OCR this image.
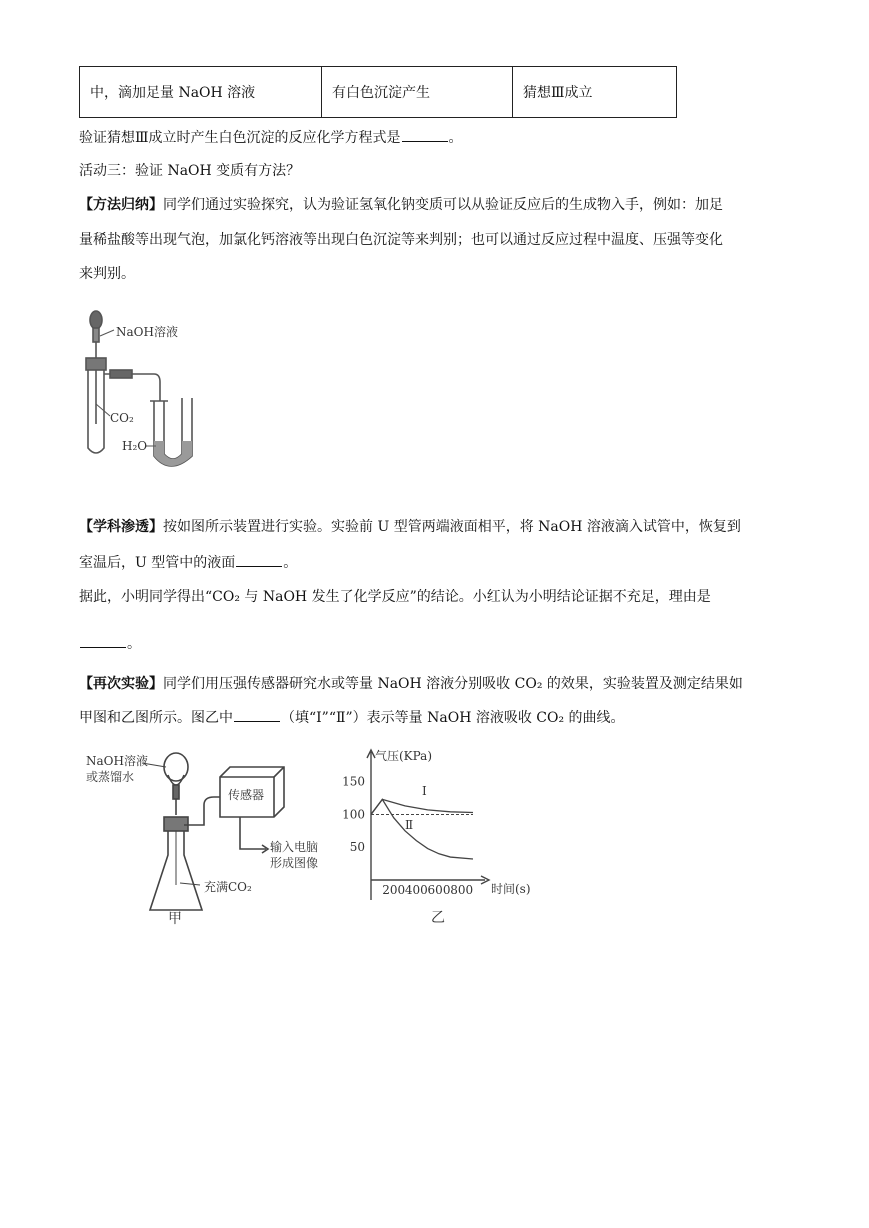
中，滴加足量 NaOH 溶液	有白色沉淀产生	猜想Ⅲ成立
验证猜想Ⅲ成立时产生白色沉淀的反应化学方程式是	。
活动三：验证 NaOH 变质有方法？
【方法归纳】同学们通过实验探究，认为验证氢氧化钠变质可以从验证反应后的生成物入手，例如：加足
量稀盐酸等出现气泡，加氯化钙溶液等出现白色沉淀等来判别；也可以通过反应过程中温度、压强等变化
来判别。
NaOH溶液
CO₂
H₂O
【学科渗透】按如图所示装置进行实验。实验前 U 型管两端液面相平，将 NaOH 溶液滴入试管中，恢复到
室温后，U 型管中的液面	。
据此，小明同学得出“CO₂ 与 NaOH 发生了化学反应”的结论。小红认为小明结论证据不充足，理由是
。
【再次实验】同学们用压强传感器研究水或等量 NaOH 溶液分别吸收 CO₂ 的效果，实验装置及测定结果如
甲图和乙图所示。图乙中	（填“Ⅰ”“Ⅱ”）表示等量 NaOH 溶液吸收 CO₂ 的曲线。
NaOH溶液
或蒸馏水
传感器
输入电脑
形成图像
充满CO₂
甲
气压(KPa)
时间(s)
50
100
150
200 400 600 800
Ⅰ
Ⅱ
乙
